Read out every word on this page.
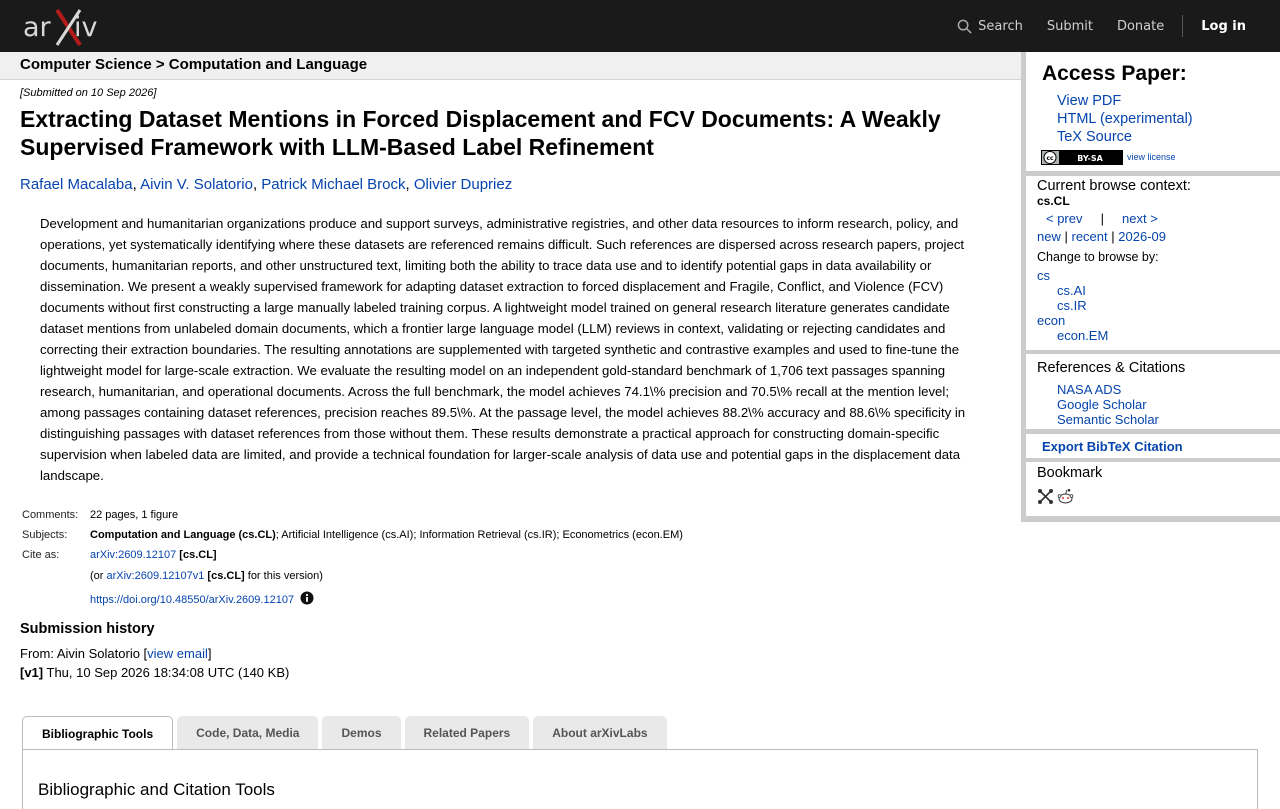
ar iv	Search Submit Donate	Log in
Computer Science > Computation and Language
[Submitted on 10 Sep 2026]
Extracting Dataset Mentions in Forced Displacement and FCV Documents: A Weakly Supervised Framework with LLM-Based Label Refinement
Rafael Macalaba, Aivin V. Solatorio, Patrick Michael Brock, Olivier Dupriez

Development and humanitarian organizations produce and support surveys, administrative registries, and other data resources to inform research, policy, and operations, yet systematically identifying where these datasets are referenced remains difficult. Such references are dispersed across research papers, project documents, humanitarian reports, and other unstructured text, limiting both the ability to trace data use and to identify potential gaps in data availability or dissemination. We present a weakly supervised framework for adapting dataset extraction to forced displacement and Fragile, Conflict, and Violence (FCV) documents without first constructing a large manually labeled training corpus. A lightweight model trained on general research literature generates candidate dataset mentions from unlabeled domain documents, which a frontier large language model (LLM) reviews in context, validating or rejecting candidates and correcting their extraction boundaries. The resulting annotations are supplemented with targeted synthetic and contrastive examples and used to fine-tune the lightweight model for large-scale extraction. We evaluate the resulting model on an independent gold-standard benchmark of 1,706 text passages spanning research, humanitarian, and operational documents. Across the full benchmark, the model achieves 74.1\% precision and 70.5\% recall at the mention level; among passages containing dataset references, precision reaches 89.5\%. At the passage level, the model achieves 88.2\% accuracy and 88.6\% specificity in distinguishing passages with dataset references from those without them. These results demonstrate a practical approach for constructing domain-specific supervision when labeled data are limited, and provide a technical foundation for larger-scale analysis of data use and potential gaps in the displacement data landscape.

Comments:	22 pages, 1 figure
Subjects:	Computation and Language (cs.CL); Artificial Intelligence (cs.AI); Information Retrieval (cs.IR); Econometrics (econ.EM)
Cite as:	arXiv:2609.12107 [cs.CL]
(or arXiv:2609.12107v1 [cs.CL] for this version)
https://doi.org/10.48550/arXiv.2609.12107
Submission history
From: Aivin Solatorio [view email]
[v1] Thu, 10 Sep 2026 18:34:08 UTC (140 KB)
Bibliographic Tools	Code, Data, Media	Demos	Related Papers	About arXivLabs
Bibliographic and Citation Tools
Access Paper:
View PDF
HTML (experimental)
TeX Source
cc	BY-SA	view license
Current browse context:
cs.CL
< prev | next >
new | recent | 2026-09
Change to browse by:
cs
cs.AI
cs.IR
econ
econ.EM
References & Citations
NASA ADS
Google Scholar
Semantic Scholar
Export BibTeX Citation
Bookmark
